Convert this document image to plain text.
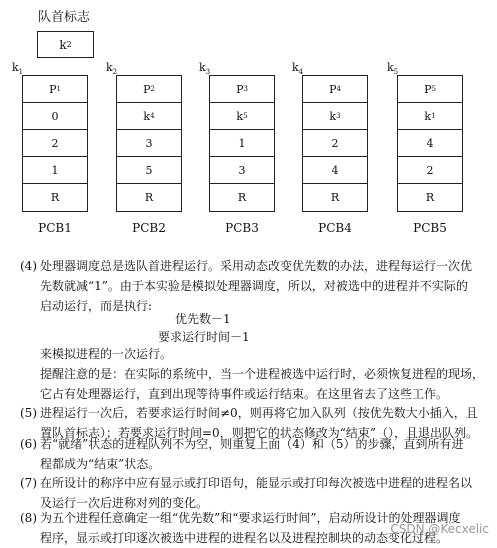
队首标志
k 2
$k_1$
P 1
0
2
1
R
PCB1
$k_2$
P 2
k 4
3
5
R
PCB2
$k_3$
P 3
k 5
1
3
R
PCB3
$k_4$
P 4
k 3
2
4
R
PCB4
$k_5$
P 5
k 1
4
2
R
PCB5
(4) 处理器调度总是选队首进程运行。采用动态改变优先数的办法，进程每运行一次优
先数就减“1”。由于本实验是模拟处理器调度，所以，对被选中的进程并不实际的
启动运行，而是执行:
优先数－1
要求运行时间－1
来模拟进程的一次运行。
提醒注意的是：在实际的系统中，当一个进程被选中运行时，必须恢复进程的现场，
它占有处理器运行，直到出现等待事件或运行结束。在这里省去了这些工作。
(5) 进程运行一次后，若要求运行时间≠0，则再将它加入队列（按优先数大小插入，且
置队首标志）；若要求运行时间=0，则把它的状态修改为“结束”（），且退出队列。
(6) 若“就绪”状态的进程队列不为空，则重复上面（4）和（5）的步骤，直到所有进
程都成为“结束”状态。
(7) 在所设计的称序中应有显示或打印语句，能显示或打印每次被选中进程的进程名以
及运行一次后进称对列的变化。
(8) 为五个进程任意确定一组“优先数”和“要求运行时间”，启动所设计的处理器调度
程序，显示或打印逐次被选中进程的进程名以及进程控制块的动态变化过程。
CSDN @Kecxelic
